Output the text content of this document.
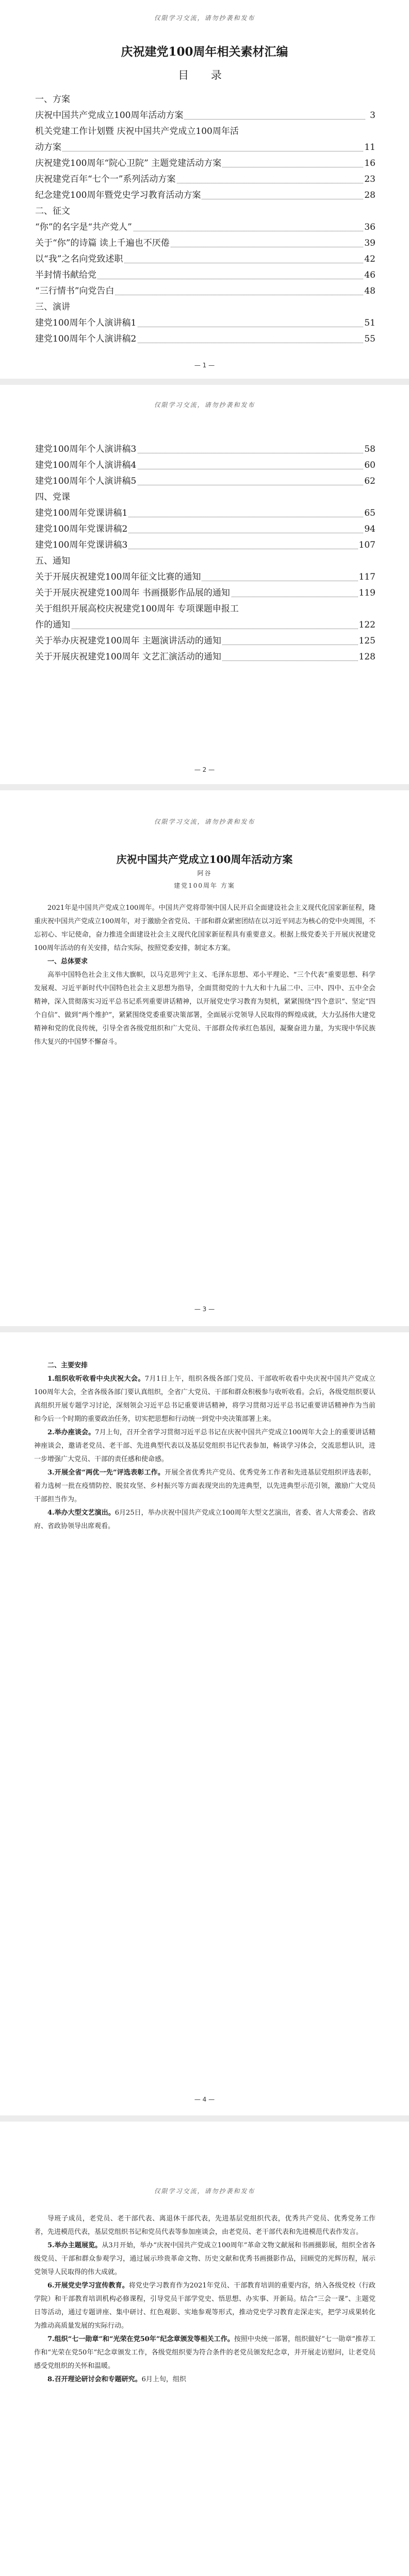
仅限学习交流，请勿抄袭和发布
庆祝建党100周年相关素材汇编
目 录
一、方案
庆祝中国共产党成立100周年活动方案	3
机关党建工作计划暨 庆祝中国共产党成立100周年活
动方案	11
庆祝建党100周年“院心卫院” 主题党建活动方案	16
庆祝建党百年“七个一”系列活动方案	23
纪念建党100周年暨党史学习教育活动方案	28
二、征文
“你”的名字是“共产党人”	36
关于“你”的诗篇 读上千遍也不厌倦	39
以“我”之名向党致述职	42
半封情书献给党	46
“三行情书”向党告白	48
三、演讲
建党100周年个人演讲稿1	51
建党100周年个人演讲稿2	55
— 1 —
仅限学习交流，请勿抄袭和发布
建党100周年个人演讲稿3	58
建党100周年个人演讲稿4	60
建党100周年个人演讲稿5	62
四、党课
建党100周年党课讲稿1	65
建党100周年党课讲稿2	94
建党100周年党课讲稿3	107
五、通知
关于开展庆祝建党100周年征文比赛的通知	117
关于开展庆祝建党100周年 书画摄影作品展的通知	119
关于组织开展高校庆祝建党100周年 专项课题申报工
作的通知	122
关于举办庆祝建党100周年 主题演讲活动的通知	125
关于开展庆祝建党100周年 文艺汇演活动的通知	128
— 2 —
仅限学习交流，请勿抄袭和发布
庆祝中国共产党成立100周年活动方案
阿谷
建党100周年 方案

2021年是中国共产党成立100周年。中国共产党将带领中国人民开启全面建设社会主义现代化国家新征程，隆重庆祝中国共产党成立100周年，对于激励全省党员、干部和群众紧密团结在以习近平同志为核心的党中央周围，不忘初心、牢记使命，奋力推进全面建设社会主义现代化国家新征程具有重要意义。根据上级党委关于开展庆祝建党100周年活动的有关安排，结合实际，按照党委安排，制定本方案。

一、总体要求

高举中国特色社会主义伟大旗帜，以马克思列宁主义、毛泽东思想、邓小平理论、“三个代表”重要思想、科学发展观、习近平新时代中国特色社会主义思想为指导，全面贯彻党的十九大和十九届二中、三中、四中、五中全会精神，深入贯彻落实习近平总书记系列重要讲话精神，以开展党史学习教育为契机，紧紧围绕“四个意识”、坚定“四个自信”、做到“两个维护”，紧紧围绕党委重要决策部署，全面展示党领导人民取得的辉煌成就，大力弘扬伟大建党精神和党的优良传统，引导全省各级党组织和广大党员、干部群众传承红色基因，凝聚奋进力量，为实现中华民族伟大复兴的中国梦不懈奋斗。

— 3 —

二、主要安排

1.组织收听收看中央庆祝大会。7月1日上午，组织各级各部门党员、干部收听收看中央庆祝中国共产党成立100周年大会，全省各级各部门要认真组织，全省广大党员、干部和群众积极参与收听收看。会后，各级党组织要认真组织开展专题学习讨论，深刻领会习近平总书记重要讲话精神，将学习贯彻习近平总书记重要讲话精神作为当前和今后一个时期的重要政治任务，切实把思想和行动统一到党中央决策部署上来。

2.举办座谈会。7月上旬，召开全省学习贯彻习近平总书记在庆祝中国共产党成立100周年大会上的重要讲话精神座谈会，邀请老党员、老干部、先进典型代表以及基层党组织书记代表参加，畅谈学习体会，交流思想认识，进一步增强广大党员、干部的责任感和使命感。

3.开展全省“两优一先”评选表彰工作。开展全省优秀共产党员、优秀党务工作者和先进基层党组织评选表彰，着力选树一批在疫情防控、脱贫攻坚、乡村振兴等方面表现突出的先进典型，以先进典型示范引领，激励广大党员干部担当作为。

4.举办大型文艺演出。6月25日，举办庆祝中国共产党成立100周年大型文艺演出，省委、省人大常委会、省政府、省政协领导出席观看。

— 4 —
仅限学习交流，请勿抄袭和发布

导班子成员，老党员、老干部代表、离退休干部代表，先进基层党组织代表，优秀共产党员、优秀党务工作者，先进模范代表，基层党组织书记和党员代表等参加座谈会，由老党员、老干部代表和先进模范代表作发言。

5.举办主题展览。从3月开始，举办“庆祝中国共产党成立100周年”革命文物文献展和书画摄影展，组织全省各级党员、干部和群众参观学习，通过展示珍贵革命文物、历史文献和优秀书画摄影作品，回顾党的光辉历程，展示党领导人民取得的伟大成就。

6.开展党史学习宣传教育。将党史学习教育作为2021年党员、干部教育培训的重要内容，纳入各级党校（行政学院）和干部教育培训机构必修课程，引导党员干部学党史、悟思想、办实事、开新局。结合“三会一课”、主题党日等活动，通过专题讲座、集中研讨、红色观影、实地参观等形式，推动党史学习教育走深走实，把学习成果转化为推动高质量发展的实际行动。

7.组织“七一勋章”和“光荣在党50年”纪念章颁发等相关工作。按照中央统一部署，组织做好“七一勋章”推荐工作和“光荣在党50年”纪念章颁发工作，各级党组织要为符合条件的老党员颁发纪念章，并开展走访慰问，让老党员感受党组织的关怀和温暖。

8.召开理论研讨会和专题研究。6月上旬，组织
